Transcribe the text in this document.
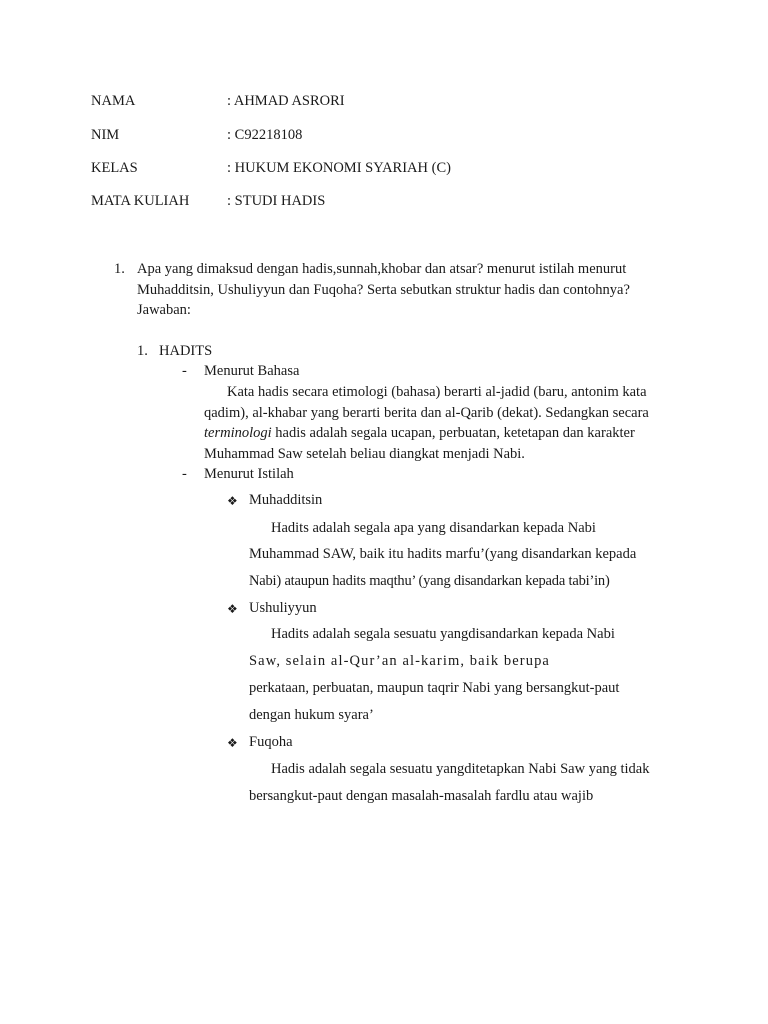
NAMA	: AHMAD ASRORI
NIM	: C92218108
KELAS	: HUKUM EKONOMI SYARIAH (C)
MATA KULIAH	: STUDI HADIS
1. Apa yang dimaksud dengan hadis,sunnah,khobar dan atsar? menurut istilah menurut
Muhadditsin, Ushuliyyun dan Fuqoha? Serta sebutkan struktur hadis dan contohnya?
Jawaban:
1. HADITS
- Menurut Bahasa
Kata hadis secara etimologi (bahasa) berarti al-jadid (baru, antonim kata
qadim), al-khabar yang berarti berita dan al-Qarib (dekat). Sedangkan secara
terminologi hadis adalah segala ucapan, perbuatan, ketetapan dan karakter
Muhammad Saw setelah beliau diangkat menjadi Nabi.
- Menurut Istilah
❖ Muhadditsin
Hadits adalah segala apa yang disandarkan kepada Nabi
Muhammad SAW, baik itu hadits marfu’(yang disandarkan kepada
Nabi) ataupun hadits maqthu’ (yang disandarkan kepada tabi’in)
❖ Ushuliyyun
Hadits adalah segala sesuatu yangdisandarkan kepada Nabi
Saw, selain al-Qur’an al-karim, baik berupa
perkataan, perbuatan, maupun taqrir Nabi yang bersangkut-paut
dengan hukum syara’
❖ Fuqoha
Hadis adalah segala sesuatu yangditetapkan Nabi Saw yang tidak
bersangkut-paut dengan masalah-masalah fardlu atau wajib
